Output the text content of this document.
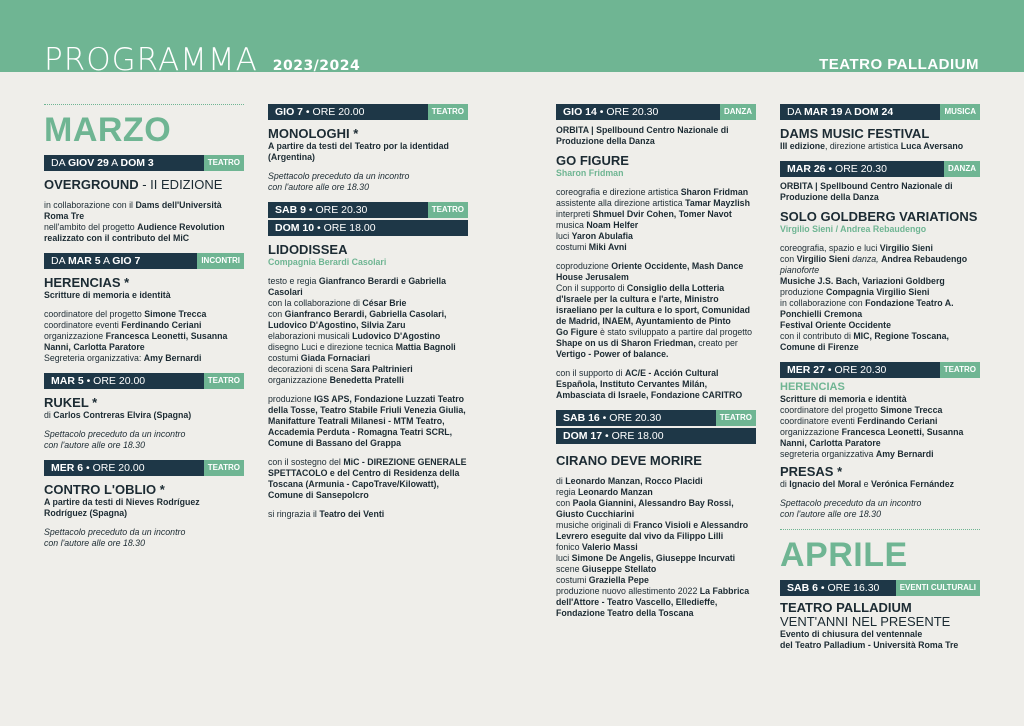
PROGRAMMA 2023/2024	TEATRO PALLADIUM
MARZO
DA GIOV 29 A DOM 3	TEATRO
OVERGROUND - II EDIZIONE
in collaborazione con il Dams dell'Università Roma Tre
nell'ambito del progetto Audience Revolution realizzato con il contributo del MiC
DA MAR 5 A GIO 7	INCONTRI
HERENCIAS *
Scritture di memoria e identità
coordinatore del progetto Simone Trecca
coordinatore eventi Ferdinando Ceriani
organizzazione Francesca Leonetti, Susanna Nanni, Carlotta Paratore
Segreteria organizzativa: Amy Bernardi
MAR 5 • ORE 20.00	TEATRO
RUKEL *
di Carlos Contreras Elvira (Spagna)
Spettacolo preceduto da un incontro
con l'autore alle ore 18.30
MER 6 • ORE 20.00	TEATRO
CONTRO L'OBLIO *
A partire da testi di Nieves Rodríguez Rodríguez (Spagna)
Spettacolo preceduto da un incontro
con l'autore alle ore 18.30
GIO 7 • ORE 20.00	TEATRO
MONOLOGHI *
A partire da testi del Teatro por la identidad (Argentina)
Spettacolo preceduto da un incontro
con l'autore alle ore 18.30
SAB 9 • ORE 20.30	TEATRO
DOM 10 • ORE 18.00
LIDODISSEA
Compagnia Berardi Casolari
testo e regia Gianfranco Berardi e Gabriella Casolari
con la collaborazione di César Brie
con Gianfranco Berardi, Gabriella Casolari, Ludovico D'Agostino, Silvia Zaru
elaborazioni musicali Ludovico D'Agostino
disegno Luci e direzione tecnica Mattia Bagnoli
costumi Giada Fornaciari
decorazioni di scena Sara Paltrinieri
organizzazione Benedetta Pratelli
produzione IGS APS, Fondazione Luzzati Teatro della Tosse, Teatro Stabile Friuli Venezia Giulia, Manifatture Teatrali Milanesi - MTM Teatro, Accademia Perduta - Romagna Teatri SCRL, Comune di Bassano del Grappa
con il sostegno del MiC - DIREZIONE GENERALE SPETTACOLO e del Centro di Residenza della Toscana (Armunia - CapoTrave/Kilowatt), Comune di Sansepolcro
si ringrazia il Teatro dei Venti
GIO 14 • ORE 20.30	DANZA
ORBITA | Spellbound Centro Nazionale di Produzione della Danza
GO FIGURE
Sharon Fridman
coreografia e direzione artistica Sharon Fridman
assistente alla direzione artistica Tamar Mayzlish
interpreti Shmuel Dvir Cohen, Tomer Navot
musica Noam Helfer
luci Yaron Abulafia
costumi Miki Avni
coproduzione Oriente Occidente, Mash Dance House Jerusalem
Con il supporto di Consiglio della Lotteria d'Israele per la cultura e l'arte, Ministro israeliano per la cultura e lo sport, Comunidad de Madrid, INAEM, Ayuntamiento de Pinto
Go Figure è stato sviluppato a partire dal progetto Shape on us di Sharon Friedman, creato per Vertigo - Power of balance.
con il supporto di AC/E - Acción Cultural Española, Instituto Cervantes Milán, Ambasciata di Israele, Fondazione CARITRO
SAB 16 • ORE 20.30	TEATRO
DOM 17 • ORE 18.00
CIRANO DEVE MORIRE
di Leonardo Manzan, Rocco Placidi
regia Leonardo Manzan
con Paola Giannini, Alessandro Bay Rossi, Giusto Cucchiarini
musiche originali di Franco Visioli e Alessandro Levrero eseguite dal vivo da Filippo Lilli
fonico Valerio Massi
luci Simone De Angelis, Giuseppe Incurvati
scene Giuseppe Stellato
costumi Graziella Pepe
produzione nuovo allestimento 2022 La Fabbrica dell'Attore - Teatro Vascello, Elledieffe, Fondazione Teatro della Toscana
DA MAR 19 A DOM 24	MUSICA
DAMS MUSIC FESTIVAL
III edizione, direzione artistica Luca Aversano
MAR 26 • ORE 20.30	DANZA
ORBITA | Spellbound Centro Nazionale di Produzione della Danza
SOLO GOLDBERG VARIATIONS
Virgilio Sieni / Andrea Rebaudengo
coreografia, spazio e luci Virgilio Sieni
con Virgilio Sieni danza, Andrea Rebaudengo
pianoforte
Musiche J.S. Bach, Variazioni Goldberg
produzione Compagnia Virgilio Sieni
in collaborazione con Fondazione Teatro A. Ponchielli Cremona
Festival Oriente Occidente
con il contributo di MIC, Regione Toscana, Comune di Firenze
MER 27 • ORE 20.30	TEATRO
HERENCIAS
Scritture di memoria e identità
coordinatore del progetto Simone Trecca
coordinatore eventi Ferdinando Ceriani
organizzazione Francesca Leonetti, Susanna Nanni, Carlotta Paratore
segreteria organizzativa Amy Bernardi
PRESAS *
di Ignacio del Moral e Verónica Fernández
Spettacolo preceduto da un incontro
con l'autore alle ore 18.30
APRILE
SAB 6 • ORE 16.30	EVENTI CULTURALI
TEATRO PALLADIUM
VENT'ANNI NEL PRESENTE
Evento di chiusura del ventennale
del Teatro Palladium - Università Roma Tre
